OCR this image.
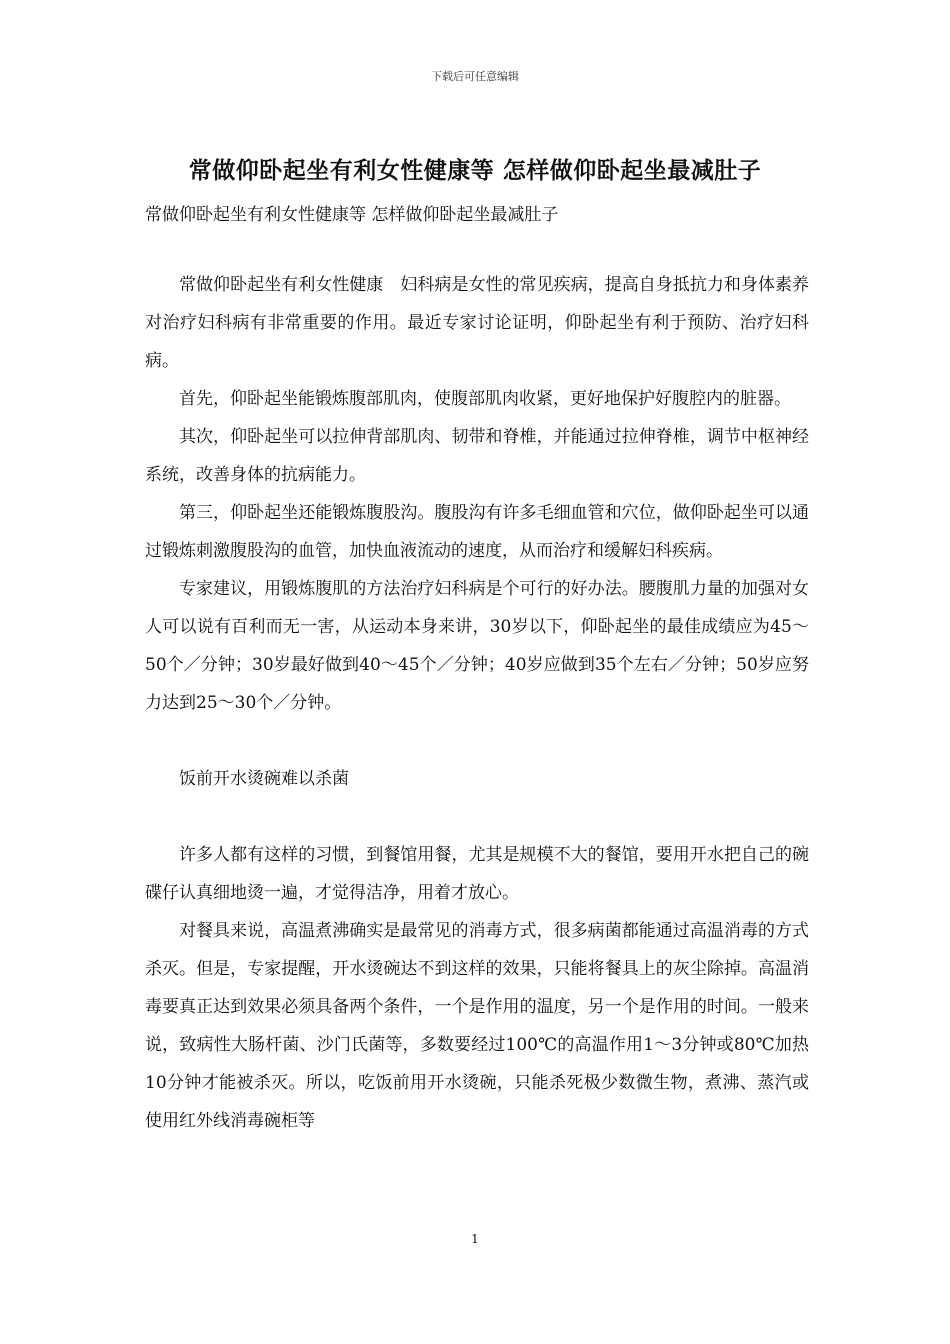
下载后可任意编辑
常做仰卧起坐有利女性健康等 怎样做仰卧起坐最减肚子
常做仰卧起坐有利女性健康等 怎样做仰卧起坐最减肚子

常做仰卧起坐有利女性健康　妇科病是女性的常见疾病，提高自身抵抗力和身体素养对治疗妇科病有非常重要的作用。最近专家讨论证明，仰卧起坐有利于预防、治疗妇科病。

首先，仰卧起坐能锻炼腹部肌肉，使腹部肌肉收紧，更好地保护好腹腔内的脏器。

其次，仰卧起坐可以拉伸背部肌肉、韧带和脊椎，并能通过拉伸脊椎，调节中枢神经系统，改善身体的抗病能力。

第三，仰卧起坐还能锻炼腹股沟。腹股沟有许多毛细血管和穴位，做仰卧起坐可以通过锻炼刺激腹股沟的血管，加快血液流动的速度，从而治疗和缓解妇科疾病。

专家建议，用锻炼腹肌的方法治疗妇科病是个可行的好办法。腰腹肌力量的加强对女人可以说有百利而无一害，从运动本身来讲，30岁以下，仰卧起坐的最佳成绩应为45～50个／分钟；30岁最好做到40～45个／分钟；40岁应做到35个左右／分钟；50岁应努力达到25～30个／分钟。

饭前开水烫碗难以杀菌

许多人都有这样的习惯，到餐馆用餐，尤其是规模不大的餐馆，要用开水把自己的碗碟仔认真细地烫一遍，才觉得洁净，用着才放心。

对餐具来说，高温煮沸确实是最常见的消毒方式，很多病菌都能通过高温消毒的方式杀灭。但是，专家提醒，开水烫碗达不到这样的效果，只能将餐具上的灰尘除掉。高温消毒要真正达到效果必须具备两个条件，一个是作用的温度，另一个是作用的时间。一般来说，致病性大肠杆菌、沙门氏菌等，多数要经过100℃的高温作用1～3分钟或80℃加热10分钟才能被杀灭。所以，吃饭前用开水烫碗，只能杀死极少数微生物，煮沸、蒸汽或使用红外线消毒碗柜等

1
